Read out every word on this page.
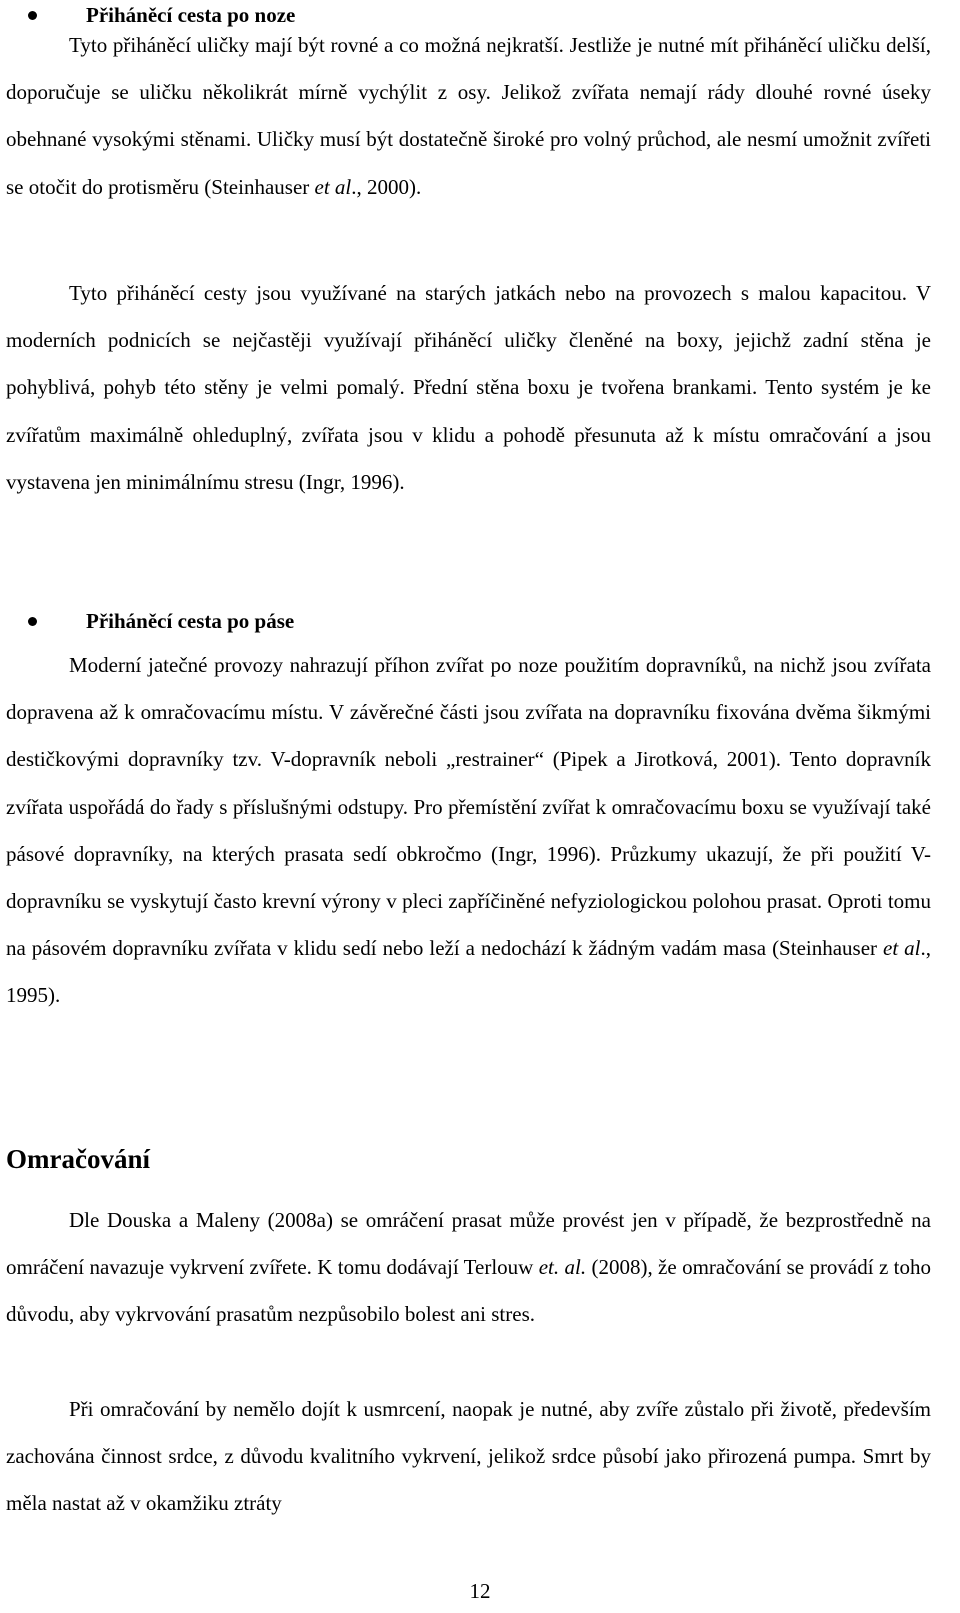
Přiháněcí cesta po noze

Tyto přiháněcí uličky mají být rovné a co možná nejkratší. Jestliže je nutné mít přiháněcí uličku delší, doporučuje se uličku několikrát mírně vychýlit z osy. Jelikož zvířata nemají rády dlouhé rovné úseky obehnané vysokými stěnami. Uličky musí být dostatečně široké pro volný průchod, ale nesmí umožnit zvířeti se otočit do protisměru (Steinhauser et al., 2000).

Tyto přiháněcí cesty jsou využívané na starých jatkách nebo na provozech s malou kapacitou. V moderních podnicích se nejčastěji využívají přiháněcí uličky členěné na boxy, jejichž zadní stěna je pohyblivá, pohyb této stěny je velmi pomalý. Přední stěna boxu je tvořena brankami. Tento systém je ke zvířatům maximálně ohleduplný, zvířata jsou v klidu a pohodě přesunuta až k místu omračování a jsou vystavena jen minimálnímu stresu (Ingr, 1996).

Přiháněcí cesta po páse

Moderní jatečné provozy nahrazují příhon zvířat po noze použitím dopravníků, na nichž jsou zvířata dopravena až k omračovacímu místu. V závěrečné části jsou zvířata na dopravníku fixována dvěma šikmými destičkovými dopravníky tzv. V-dopravník neboli „restrainer“ (Pipek a Jirotková, 2001). Tento dopravník zvířata uspořádá do řady s příslušnými odstupy. Pro přemístění zvířat k omračovacímu boxu se využívají také pásové dopravníky, na kterých prasata sedí obkročmo (Ingr, 1996). Průzkumy ukazují, že při použití V-dopravníku se vyskytují často krevní výrony v pleci zapříčiněné nefyziologickou polohou prasat. Oproti tomu na pásovém dopravníku zvířata v klidu sedí nebo leží a nedochází k žádným vadám masa (Steinhauser et al., 1995).

Omračování

Dle Douska a Maleny (2008a) se omráčení prasat může provést jen v případě, že bezprostředně na omráčení navazuje vykrvení zvířete. K tomu dodávají Terlouw et. al. (2008), že omračování se provádí z toho důvodu, aby vykrvování prasatům nezpůsobilo bolest ani stres.

Při omračování by nemělo dojít k usmrcení, naopak je nutné, aby zvíře zůstalo při životě, především zachována činnost srdce, z důvodu kvalitního vykrvení, jelikož srdce působí jako přirozená pumpa. Smrt by měla nastat až v okamžiku ztráty

12
